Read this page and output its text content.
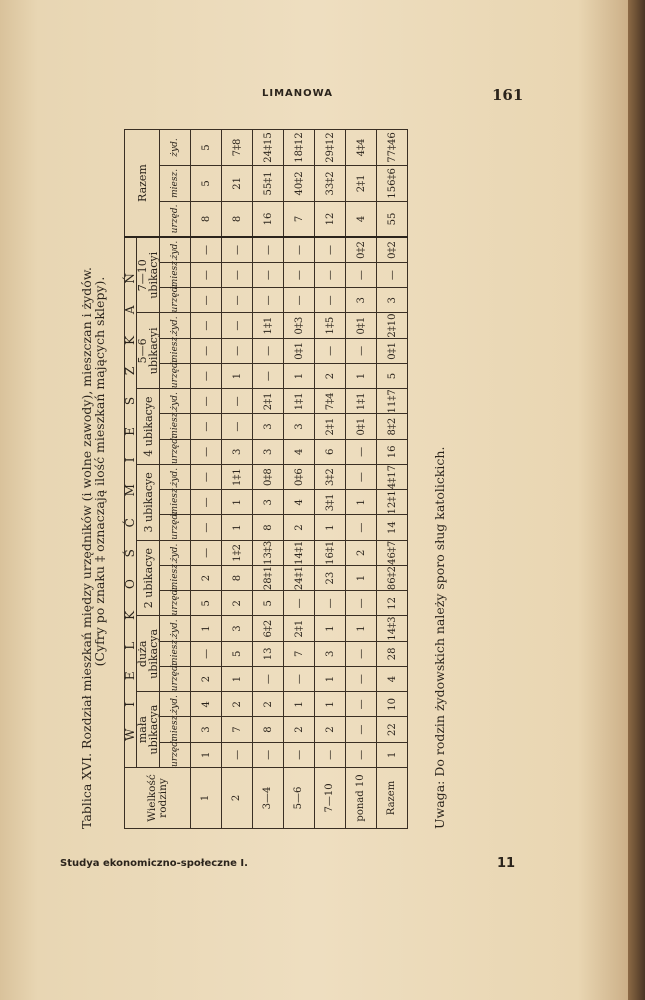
LIMANOWA	161
Tablica XVI. Rozdział mieszkań między urzędników (i wolne zawody), mieszczan i żydów.
(Cyfry po znaku ‡ oznaczają ilość mieszkań mających sklepy).
Wielkość rodziny	W I E L K O Ś Ć M I E S Z K A Ń																					Razem		
	mała ubikacya			duża ubikacya			2 ubikacye			3 ubikacye			4 ubikacye			5—6 ubikacyi			7—10 ubikacyi					
	urzęd.	miesz.	żyd.	urzęd.	miesz.	żyd.	urzęd.	miesz.	żyd.	urzęd.	miesz.	żyd.	urzęd.	miesz.	żyd.	urzęd.	miesz.	żyd.	urzęd.	miesz.	żyd.	urzęd.	miesz.	żyd.
1	1	3	4	2	—	1	5	2	—	—	—	—	—	—	—	—	—	—	—	—	—	8	5	5
2	—	7	2	1	5	3	2	8	1‡2	1	1	1‡1	3	—	—	1	—	—	—	—	—	8	21	7‡8
3—4	—	8	2	—	13	6‡2	5	28‡1	13‡3	8	3	0‡8	3	3	2‡1	—	—	1‡1	—	—	—	16	55‡1	24‡15
5—6	—	2	1	—	7	2‡1	—	24‡1	14‡1	2	4	0‡6	4	3	1‡1	1	0‡1	0‡3	—	—	—	7	40‡2	18‡12
7—10	—	2	1	1	3	1	—	23	16‡1	1	3‡1	3‡2	6	2‡1	7‡4	2	—	1‡5	—	—	—	12	33‡2	29‡12
ponad 10	—	—	—	—	—	1	—	1	2	—	1	—	—	0‡1	1‡1	1	—	0‡1	3	—	0‡2	4	2‡1	4‡4
Razem	1	22	10	4	28	14‡3	12	86‡2	46‡7	14	12‡1	4‡17	16	8‡2	11‡7	5	0‡1	2‡10	3	—	0‡2	55	156‡6	77‡46
Uwaga: Do rodzin żydowskich należy sporo sług katolickich.
Studya ekonomiczno-społeczne I.	11
